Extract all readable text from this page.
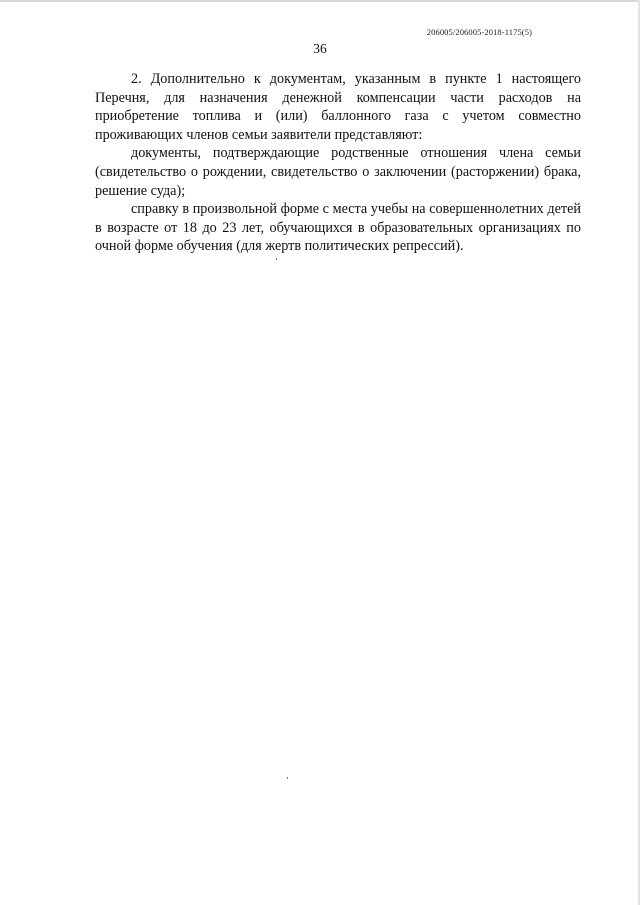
206005/206005-2018-1175(5)
36

2. Дополнительно к документам, указанным в пункте 1 настоящего Перечня, для назначения денежной компенсации части расходов на приобретение топлива и (или) баллонного газа с учетом совместно проживающих членов семьи заявители представляют:

документы, подтверждающие родственные отношения члена семьи (свидетельство о рождении, свидетельство о заключении (расторжении) брака, решение суда);

справку в произвольной форме с места учебы на совершеннолетних детей в возрасте от 18 до 23 лет, обучающихся в образовательных организациях по очной форме обучения (для жертв политических репрессий).
